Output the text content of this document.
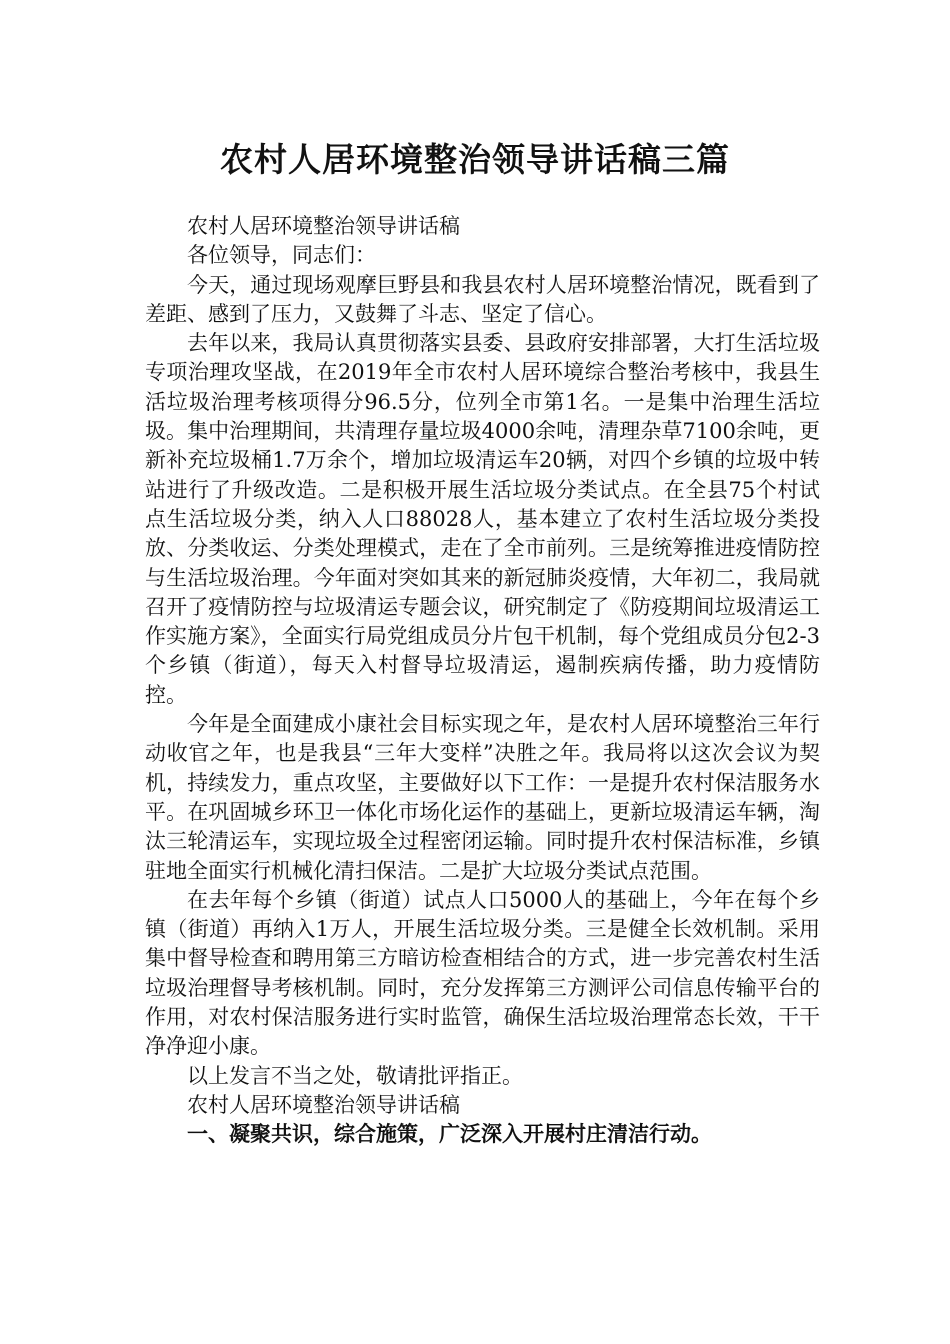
农村人居环境整治领导讲话稿三篇

农村人居环境整治领导讲话稿

各位领导，同志们：

今天，通过现场观摩巨野县和我县农村人居环境整治情况，既看到了差距、感到了压力，又鼓舞了斗志、坚定了信心。

去年以来，我局认真贯彻落实县委、县政府安排部署，大打生活垃圾专项治理攻坚战，在2019年全市农村人居环境综合整治考核中，我县生活垃圾治理考核项得分96.5分，位列全市第1名。一是集中治理生活垃圾。集中治理期间，共清理存量垃圾4000余吨，清理杂草7100余吨，更新补充垃圾桶1.7万余个，增加垃圾清运车20辆，对四个乡镇的垃圾中转站进行了升级改造。二是积极开展生活垃圾分类试点。在全县75个村试点生活垃圾分类，纳入人口88028人，基本建立了农村生活垃圾分类投放、分类收运、分类处理模式，走在了全市前列。三是统筹推进疫情防控与生活垃圾治理。今年面对突如其来的新冠肺炎疫情，大年初二，我局就召开了疫情防控与垃圾清运专题会议，研究制定了《防疫期间垃圾清运工作实施方案》，全面实行局党组成员分片包干机制，每个党组成员分包2-3个乡镇（街道），每天入村督导垃圾清运，遏制疾病传播，助力疫情防控。

今年是全面建成小康社会目标实现之年，是农村人居环境整治三年行动收官之年，也是我县“三年大变样”决胜之年。我局将以这次会议为契机，持续发力，重点攻坚，主要做好以下工作：一是提升农村保洁服务水平。在巩固城乡环卫一体化市场化运作的基础上，更新垃圾清运车辆，淘汰三轮清运车，实现垃圾全过程密闭运输。同时提升农村保洁标准，乡镇驻地全面实行机械化清扫保洁。二是扩大垃圾分类试点范围。

在去年每个乡镇（街道）试点人口5000人的基础上，今年在每个乡镇（街道）再纳入1万人，开展生活垃圾分类。三是健全长效机制。采用集中督导检查和聘用第三方暗访检查相结合的方式，进一步完善农村生活垃圾治理督导考核机制。同时，充分发挥第三方测评公司信息传输平台的作用，对农村保洁服务进行实时监管，确保生活垃圾治理常态长效，干干净净迎小康。

以上发言不当之处，敬请批评指正。

农村人居环境整治领导讲话稿

一、凝聚共识，综合施策，广泛深入开展村庄清洁行动。
